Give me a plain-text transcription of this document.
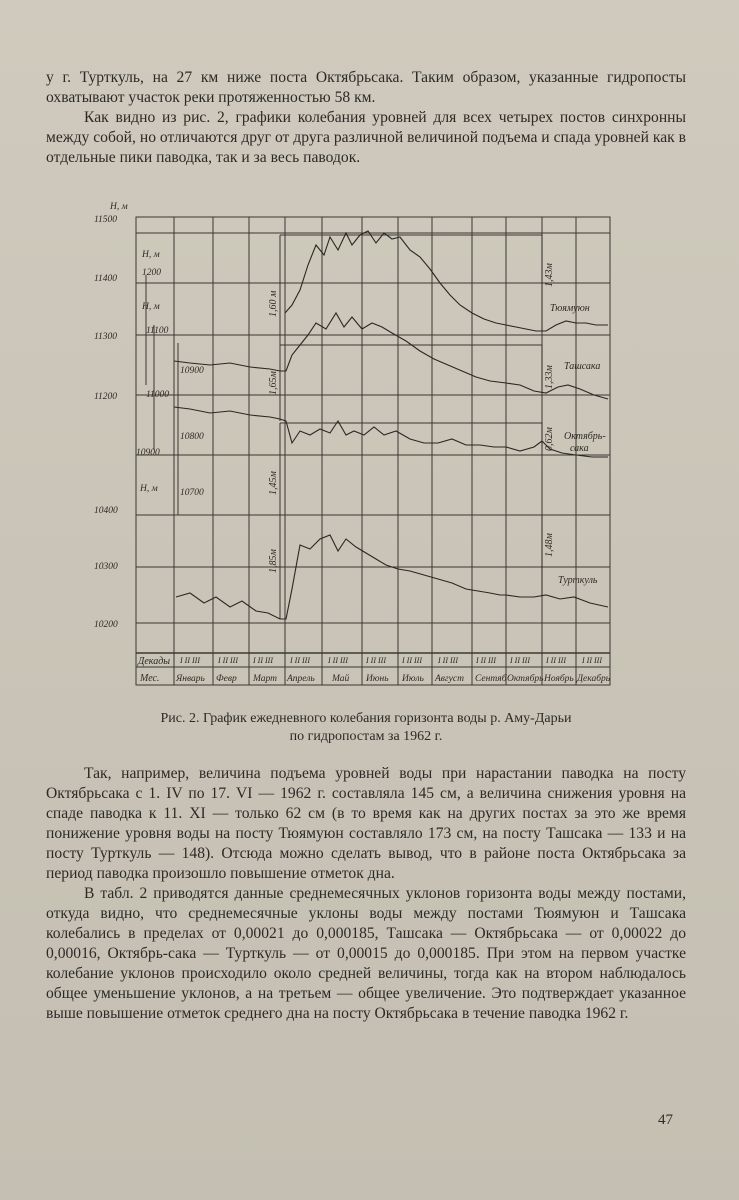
у г. Турткуль, на 27 км ниже поста Октябрьсака. Таким образом, указанные гидропосты охватывают участок реки протяженностью 58 км.

Как видно из рис. 2, графики колебания уровней для всех четырех постов синхронны между собой, но отличаются друг от друга различной величиной подъема и спада уровней как в отдельные пики паводка, так и за весь паводок.

H, м
11500
11400
11300
11200
H, м
1200
11100
11000
10900
H, м
10900
10800
10700
H, м
10400
10300
10200
Тюямуюн
Ташсака
Октябрь-
сака
Турткуль
1,60 м
1,43м
1,65м	1,33м
1,45м
0,62м
1,85м
1,48м
Декады
Мес.
I II III I II III I II III I II III I II III I II III I II III I II III I II III I II III I II III I II III
Январь Февр Март Апрель Май Июнь Июль Август Сентяб Октябрь Ноябрь Декабрь
Рис. 2. График ежедневного колебания горизонта воды р. Аму-Дарьи
по гидропостам за 1962 г.

Так, например, величина подъема уровней воды при нарастании паводка на посту Октябрьсака с 1. IV по 17. VI — 1962 г. составляла 145 см, а величина снижения уровня на спаде паводка к 11. XI — только 62 см (в то время как на других постах за это же время понижение уровня воды на посту Тюямуюн составляло 173 см, на посту Ташсака — 133 и на посту Турткуль — 148). Отсюда можно сделать вывод, что в районе поста Октябрьсака за период паводка произошло повышение отметок дна.

В табл. 2 приводятся данные среднемесячных уклонов горизонта воды между постами, откуда видно, что среднемесячные уклоны воды между постами Тюямуюн и Ташсака колебались в пределах от 0,00021 до 0,000185, Ташсака — Октябрьсака — от 0,00022 до 0,00016, Октябрь-сака — Турткуль — от 0,00015 до 0,000185. При этом на первом участке колебание уклонов происходило около средней величины, тогда как на втором наблюдалось общее уменьшение уклонов, а на третьем — общее увеличение. Это подтверждает указанное выше повышение отметок среднего дна на посту Октябрьсака в течение паводка 1962 г.

47
